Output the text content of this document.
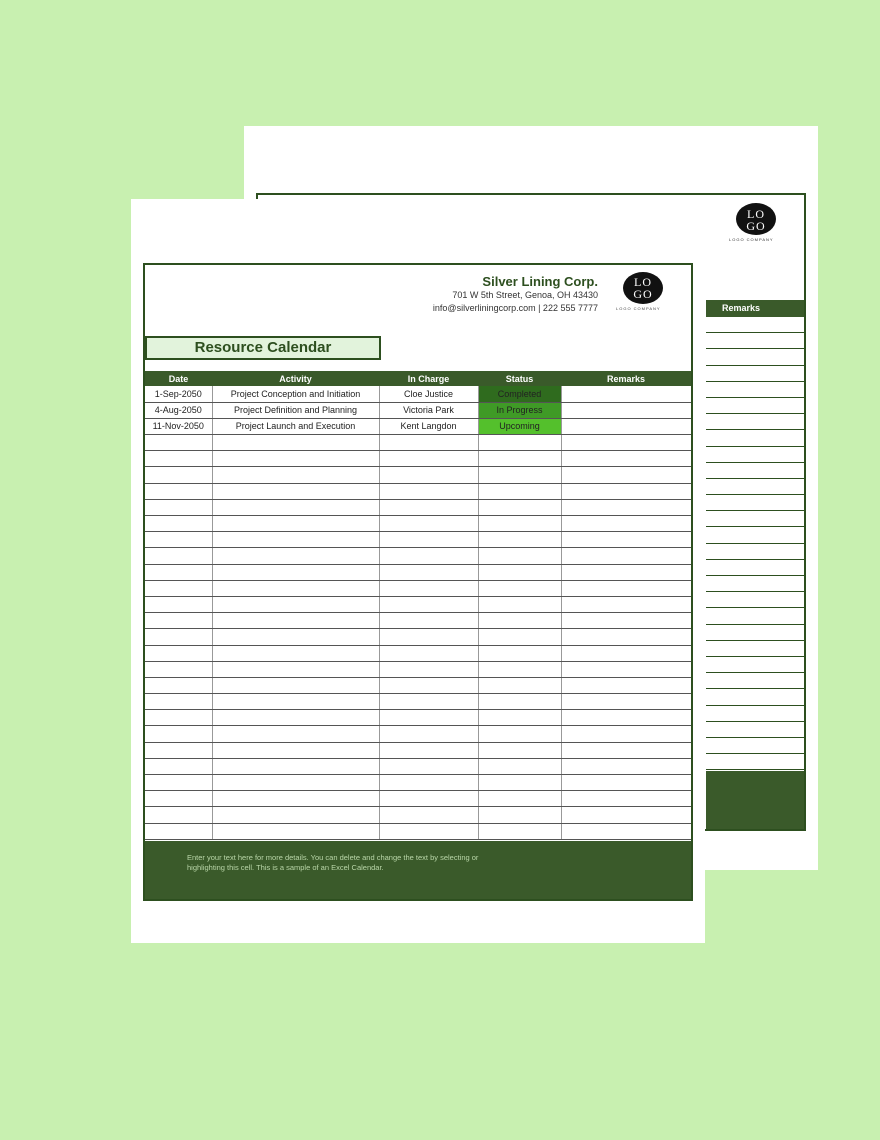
LO
GO
LOGO COMPANY
Remarks
Silver Lining Corp.
701 W 5th Street, Genoa, OH 43430
info@silverliningcorp.com | 222 555 7777
LO
GO
LOGO COMPANY
Resource Calendar
Date	Activity	In Charge	Status	Remarks
1-Sep-2050	Project Conception and Initiation	Cloe Justice	Completed	
4-Aug-2050	Project Definition and Planning	Victoria Park	In Progress	
11-Nov-2050	Project Launch and Execution	Kent Langdon	Upcoming	

Enter your text here for more details. You can delete and change the text by selecting or highlighting this cell. This is a sample of an Excel Calendar.
